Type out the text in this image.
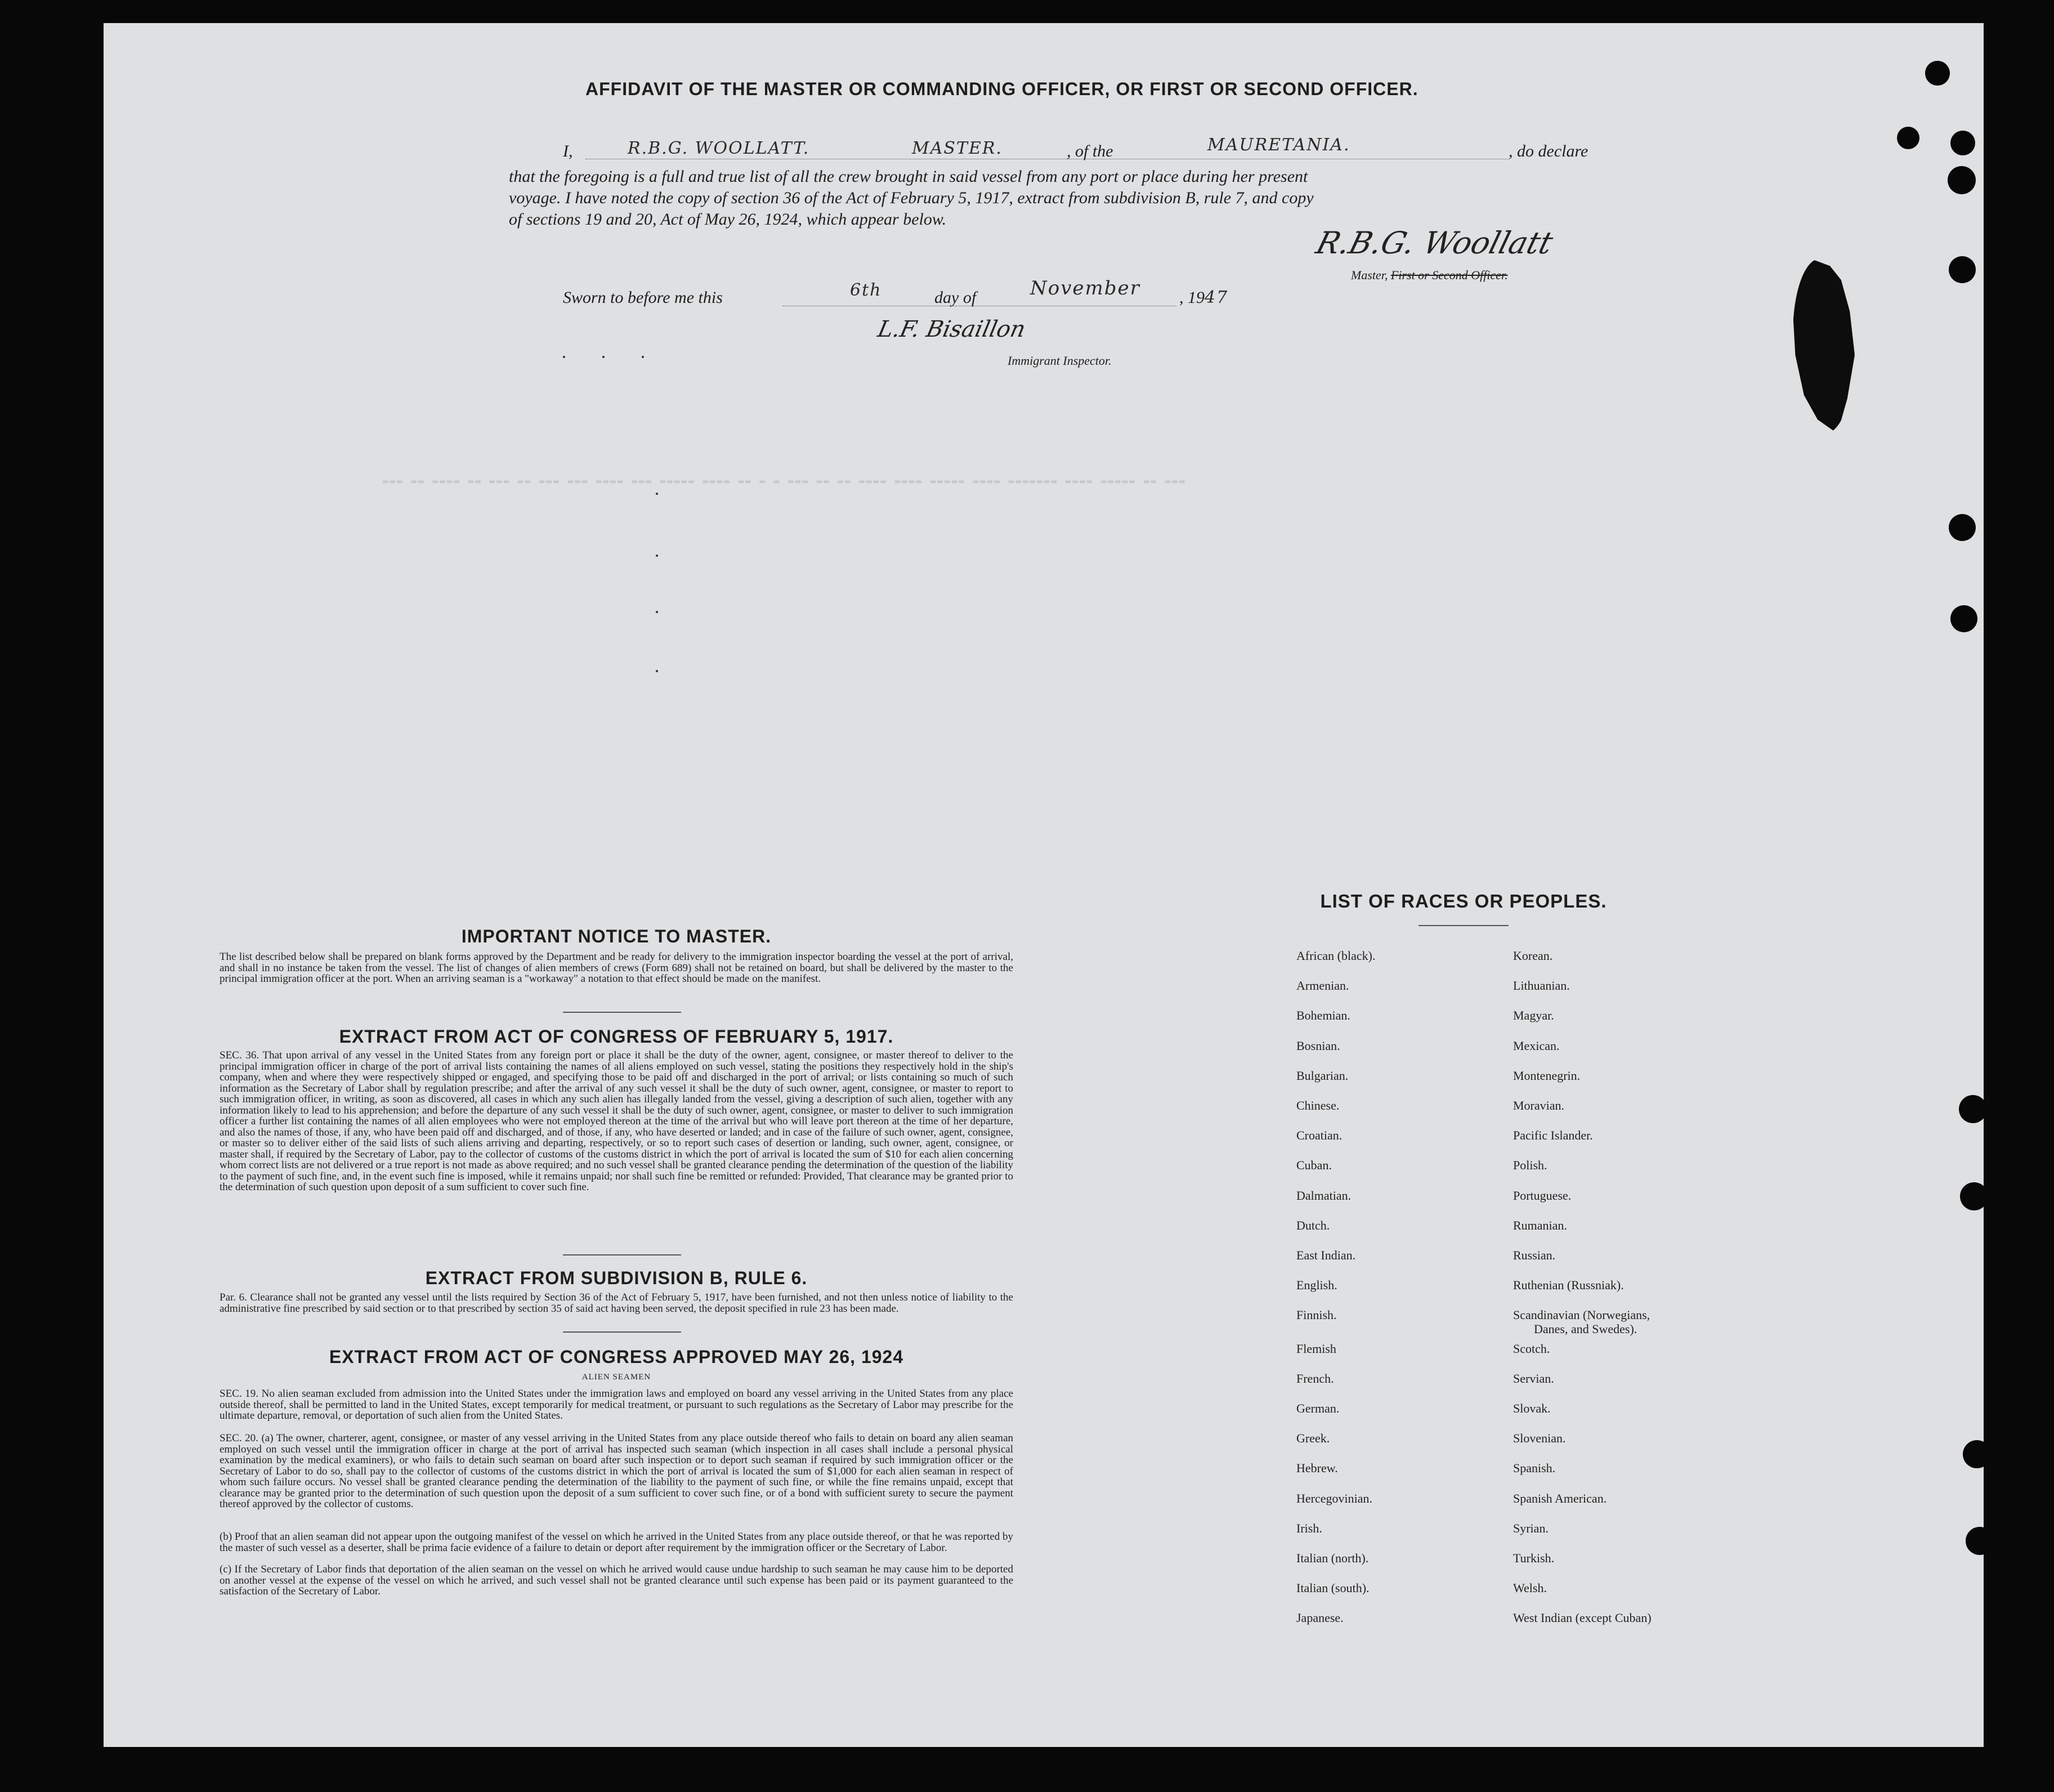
▬▬▬ ▬▬ ▬▬▬▬ ▬▬ ▬▬▬ ▬▬ ▬▬▬ ▬▬▬ ▬▬▬▬ ▬▬▬ ▬▬▬▬▬ ▬▬▬▬ ▬▬ ▬ ▬ ▬▬▬ ▬▬ ▬▬ ▬▬▬▬ ▬▬▬▬ ▬▬▬▬▬ ▬▬▬▬ ▬▬▬▬▬▬▬ ▬▬▬▬ ▬▬▬▬▬ ▬▬ ▬▬▬
AFFIDAVIT OF THE MASTER OR COMMANDING OFFICER, OR FIRST OR SECOND OFFICER.
I,	R.B.G. WOOLLATT.	MASTER.	, of the	MAURETANIA.	, do declare
that the foregoing is a full and true list of all the crew brought in said vessel from any port or place during her present
voyage. I have noted the copy of section 36 of the Act of February 5, 1917, extract from subdivision B, rule 7, and copy
of sections 19 and 20, Act of May 26, 1924, which appear below.
R.B.G. Woollatt
Master, First or Second Officer.
Sworn to before me this	6th	day of	November , 1947
L.F. Bisaillon
Immigrant Inspector.
IMPORTANT NOTICE TO MASTER.
The list described below shall be prepared on blank forms approved by the Department and be ready for delivery to the immigration inspector boarding the vessel at the port of arrival, and shall in no instance be taken from the vessel. The list of changes of alien members of crews (Form 689) shall not be retained on board, but shall be delivered by the master to the principal immigration officer at the port. When an arriving seaman is a "workaway" a notation to that effect should be made on the manifest.
EXTRACT FROM ACT OF CONGRESS OF FEBRUARY 5, 1917.
SEC. 36. That upon arrival of any vessel in the United States from any foreign port or place it shall be the duty of the owner, agent, consignee, or master thereof to deliver to the principal immigration officer in charge of the port of arrival lists containing the names of all aliens employed on such vessel, stating the positions they respectively hold in the ship's company, when and where they were respectively shipped or engaged, and specifying those to be paid off and discharged in the port of arrival; or lists containing so much of such information as the Secretary of Labor shall by regulation prescribe; and after the arrival of any such vessel it shall be the duty of such owner, agent, consignee, or master to report to such immigration officer, in writing, as soon as discovered, all cases in which any such alien has illegally landed from the vessel, giving a description of such alien, together with any information likely to lead to his apprehension; and before the departure of any such vessel it shall be the duty of such owner, agent, consignee, or master to deliver to such immigration officer a further list containing the names of all alien employees who were not employed thereon at the time of the arrival but who will leave port thereon at the time of her departure, and also the names of those, if any, who have been paid off and discharged, and of those, if any, who have deserted or landed; and in case of the failure of such owner, agent, consignee, or master so to deliver either of the said lists of such aliens arriving and departing, respectively, or so to report such cases of desertion or landing, such owner, agent, consignee, or master shall, if required by the Secretary of Labor, pay to the collector of customs of the customs district in which the port of arrival is located the sum of $10 for each alien concerning whom correct lists are not delivered or a true report is not made as above required; and no such vessel shall be granted clearance pending the determination of the question of the liability to the payment of such fine, and, in the event such fine is imposed, while it remains unpaid; nor shall such fine be remitted or refunded: Provided, That clearance may be granted prior to the determination of such question upon deposit of a sum sufficient to cover such fine.
EXTRACT FROM SUBDIVISION B, RULE 6.
Par. 6. Clearance shall not be granted any vessel until the lists required by Section 36 of the Act of February 5, 1917, have been furnished, and not then unless notice of liability to the administrative fine prescribed by said section or to that prescribed by section 35 of said act having been served, the deposit specified in rule 23 has been made.
EXTRACT FROM ACT OF CONGRESS APPROVED MAY 26, 1924
ALIEN SEAMEN
SEC. 19. No alien seaman excluded from admission into the United States under the immigration laws and employed on board any vessel arriving in the United States from any place outside thereof, shall be permitted to land in the United States, except temporarily for medical treatment, or pursuant to such regulations as the Secretary of Labor may prescribe for the ultimate departure, removal, or deportation of such alien from the United States.
SEC. 20. (a) The owner, charterer, agent, consignee, or master of any vessel arriving in the United States from any place outside thereof who fails to detain on board any alien seaman employed on such vessel until the immigration officer in charge at the port of arrival has inspected such seaman (which inspection in all cases shall include a personal physical examination by the medical examiners), or who fails to detain such seaman on board after such inspection or to deport such seaman if required by such immigration officer or the Secretary of Labor to do so, shall pay to the collector of customs of the customs district in which the port of arrival is located the sum of $1,000 for each alien seaman in respect of whom such failure occurs. No vessel shall be granted clearance pending the determination of the liability to the payment of such fine, or while the fine remains unpaid, except that clearance may be granted prior to the determination of such question upon the deposit of a sum sufficient to cover such fine, or of a bond with sufficient surety to secure the payment thereof approved by the collector of customs.
(b) Proof that an alien seaman did not appear upon the outgoing manifest of the vessel on which he arrived in the United States from any place outside thereof, or that he was reported by the master of such vessel as a deserter, shall be prima facie evidence of a failure to detain or deport after requirement by the immigration officer or the Secretary of Labor.
(c) If the Secretary of Labor finds that deportation of the alien seaman on the vessel on which he arrived would cause undue hardship to such seaman he may cause him to be deported on another vessel at the expense of the vessel on which he arrived, and such vessel shall not be granted clearance until such expense has been paid or its payment guaranteed to the satisfaction of the Secretary of Labor.
LIST OF RACES OR PEOPLES.
African (black).
Armenian.
Bohemian.
Bosnian.
Bulgarian.
Chinese.
Croatian.
Cuban.
Dalmatian.
Dutch.
East Indian.
English.
Finnish.
Flemish
French.
German.
Greek.
Hebrew.
Hercegovinian.
Irish.
Italian (north).
Italian (south).
Japanese.
Korean.
Lithuanian.
Magyar.
Mexican.
Montenegrin.
Moravian.
Pacific Islander.
Polish.
Portuguese.
Rumanian.
Russian.
Ruthenian (Russniak).
Scandinavian (Norwegians,
Scotch.
Servian.
Slovak.
Slovenian.
Spanish.
Spanish American.
Syrian.
Turkish.
Welsh.
West Indian (except Cuban)
Danes, and Swedes).
